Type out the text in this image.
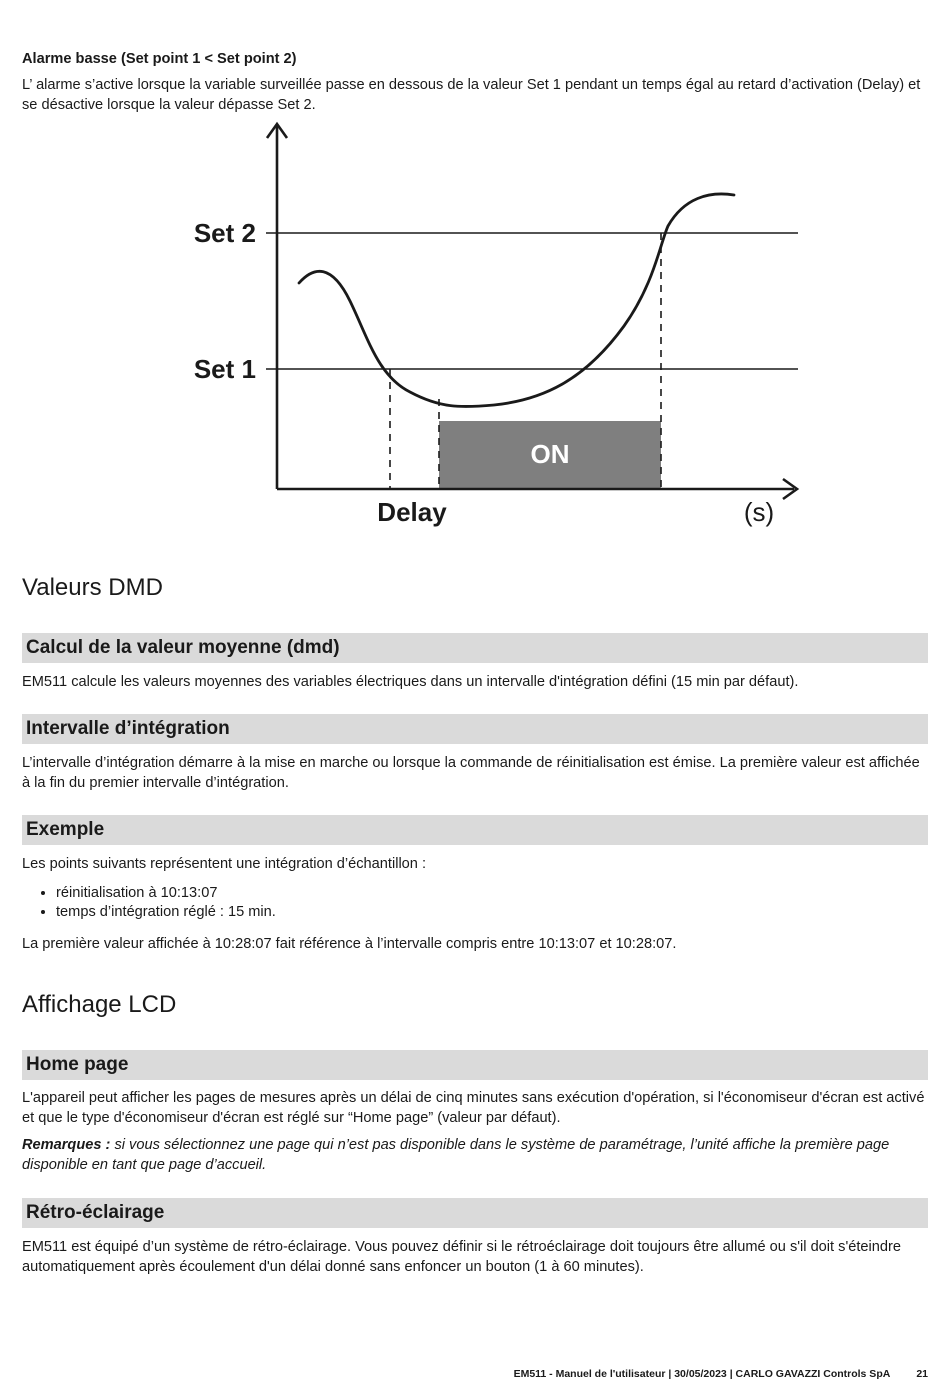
Alarme basse (Set point 1 < Set point 2)

L’ alarme s’active lorsque la variable surveillée passe en dessous de la valeur Set 1 pendant un temps égal au retard d’activation (Delay) et se désactive lorsque la valeur dépasse Set 2.

ON
Set 2
Set 1
Delay	(s)
Valeurs DMD
Calcul de la valeur moyenne (dmd)

EM511 calcule les valeurs moyennes des variables électriques dans un intervalle d'intégration défini (15 min par défaut).

Intervalle d’intégration

L’intervalle d’intégration démarre à la mise en marche ou lorsque la commande de réinitialisation est émise. La première valeur est affichée à la fin du premier intervalle d’intégration.

Exemple

Les points suivants représentent une intégration d’échantillon :

• réinitialisation à 10:13:07
• temps d’intégration réglé : 15 min.

La première valeur affichée à 10:28:07 fait référence à l’intervalle compris entre 10:13:07 et 10:28:07.

Affichage LCD
Home page

L'appareil peut afficher les pages de mesures après un délai de cinq minutes sans exécution d'opération, si l'économiseur d'écran est activé et que le type d'économiseur d'écran est réglé sur “Home page” (valeur par défaut).

Remarques : si vous sélectionnez une page qui n’est pas disponible dans le système de paramétrage, l’unité affiche la première page disponible en tant que page d’accueil.

Rétro-éclairage

EM511 est équipé d’un système de rétro-éclairage. Vous pouvez définir si le rétroéclairage doit toujours être allumé ou s'il doit s'éteindre automatiquement après écoulement d'un délai donné sans enfoncer un bouton (1 à 60 minutes).

EM511 - Manuel de l'utilisateur | 30/05/2023 | CARLO GAVAZZI Controls SpA 21
